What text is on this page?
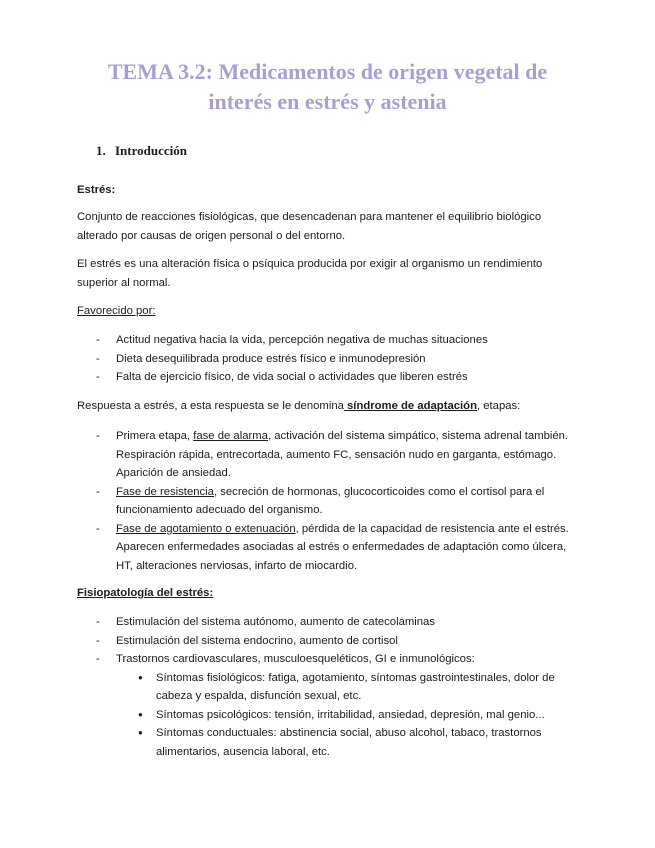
TEMA 3.2: Medicamentos de origen vegetal de
interés en estrés y astenia
1. Introducción

Estrés:

Conjunto de reacciones fisiológicas, que desencadenan para mantener el equilibrio biológico alterado por causas de origen personal o del entorno.

El estrés es una alteración física o psíquica producida por exigir al organismo un rendimiento superior al normal.

Favorecido por:

- Actitud negativa hacia la vida, percepción negativa de muchas situaciones
- Dieta desequilibrada produce estrés físico e inmunodepresión
- Falta de ejercicio físico, de vida social o actividades que liberen estrés

Respuesta a estrés, a esta respuesta se le denomina síndrome de adaptación, etapas:

- Primera etapa, fase de alarma, activación del sistema simpático, sistema adrenal también. Respiración rápida, entrecortada, aumento FC, sensación nudo en garganta, estómago. Aparición de ansiedad.
- Fase de resistencia, secreción de hormonas, glucocorticoides como el cortisol para el funcionamiento adecuado del organismo.
- Fase de agotamiento o extenuación, pérdida de la capacidad de resistencia ante el estrés. Aparecen enfermedades asociadas al estrés o enfermedades de adaptación como úlcera, HT, alteraciones nerviosas, infarto de miocardio.

Fisiopatología del estrés:

- Estimulación del sistema autónomo, aumento de catecolaminas
- Estimulación del sistema endocrino, aumento de cortisol
- Trastornos cardiovasculares, musculoesqueléticos, GI e inmunológicos:
● Síntomas fisiológicos: fatiga, agotamiento, síntomas gastrointestinales, dolor de cabeza y espalda, disfunción sexual, etc.
● Síntomas psicológicos: tensión, irritabilidad, ansiedad, depresión, mal genio...
● Síntomas conductuales: abstinencia social, abuso alcohol, tabaco, trastornos alimentarios, ausencia laboral, etc.
